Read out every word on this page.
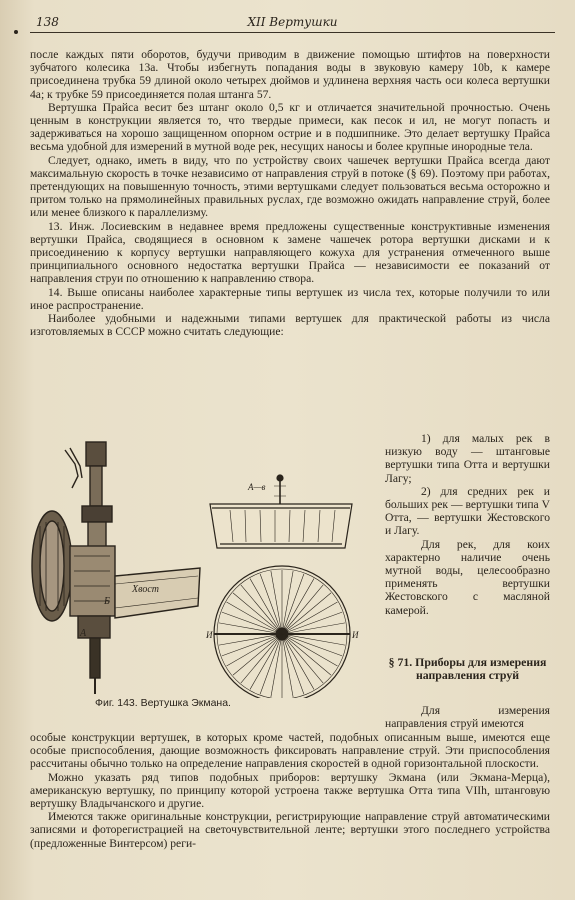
138	XII Вертушки

после каждых пяти оборотов, будучи приводим в движение помощью штифтов на поверхности зубчатого колесика 13а. Чтобы избегнуть попадания воды в звуковую камеру 10b, к камере присоединена трубка 59 длиной около четырех дюймов и удлинена верхняя часть оси колеса вертушки 4а; к трубке 59 присоединяется полая штанга 57.

Вертушка Прайса весит без штанг около 0,5 кг и отличается значительной прочностью. Очень ценным в конструкции является то, что твердые примеси, как песок и ил, не могут попасть и задерживаться на хорошо защищенном опорном острие и в подшипнике. Это делает вертушку Прайса весьма удобной для измерений в мутной воде рек, несущих наносы и более крупные инородные тела.

Следует, однако, иметь в виду, что по устройству своих чашечек вертушки Прайса всегда дают максимальную скорость в точке независимо от направления струй в потоке (§ 69). Поэтому при работах, претендующих на повышенную точность, этими вертушками следует пользоваться весьма осторожно и притом только на прямолинейных правильных руслах, где возможно ожидать направление струй, более или менее близкого к параллелизму.

13. Инж. Лосиевским в недавнее время предложены существенные конструктивные изменения вертушки Прайса, сводящиеся в основном к замене чашечек ротора вертушки дисками и к присоединению к корпусу вертушки направляющего кожуха для устранения отмеченного выше принципиального основного недостатка вертушки Прайса — независимости ее показаний от направления струи по отношению к направлению створа.

14. Выше описаны наиболее характерные типы вертушек из числа тех, которые получили то или иное распространение.

Наиболее удобными и надежными типами вертушек для практической работы из числа изготовляемых в СССР можно считать следующие:

Хвост
А
Б
А—в
И	И
Фиг. 143. Вертушка Экмана.

1) для малых рек в низкую воду — штанговые вертушки типа Отта и вертушки Лагу;

2) для средних рек и больших рек — вертушки типа V Отта, — вертушки Жестовского и Лагу.

Для рек, для коих характерно наличие очень мутной воды, целесообразно применять вертушки Жестовского с масляной камерой.

§ 71. Приборы для измерения направления струй

Для измерения направления струй имеются

особые конструкции вертушек, в которых кроме частей, подобных описанным выше, имеются еще особые приспособления, дающие возможность фиксировать направление струй. Эти приспособления рассчитаны обычно только на определение направления скоростей в одной горизонтальной плоскости.

Можно указать ряд типов подобных приборов: вертушку Экмана (или Экмана-Мерца), американскую вертушку, по принципу которой устроена также вертушка Отта типа VIIh, штанговую вертушку Владычанского и другие.

Имеются также оригинальные конструкции, регистрирующие направление струй автоматическими записями и фоторегистрацией на светочувствительной ленте; вертушки этого последнего устройства (предложенные Винтерсом) реги-
